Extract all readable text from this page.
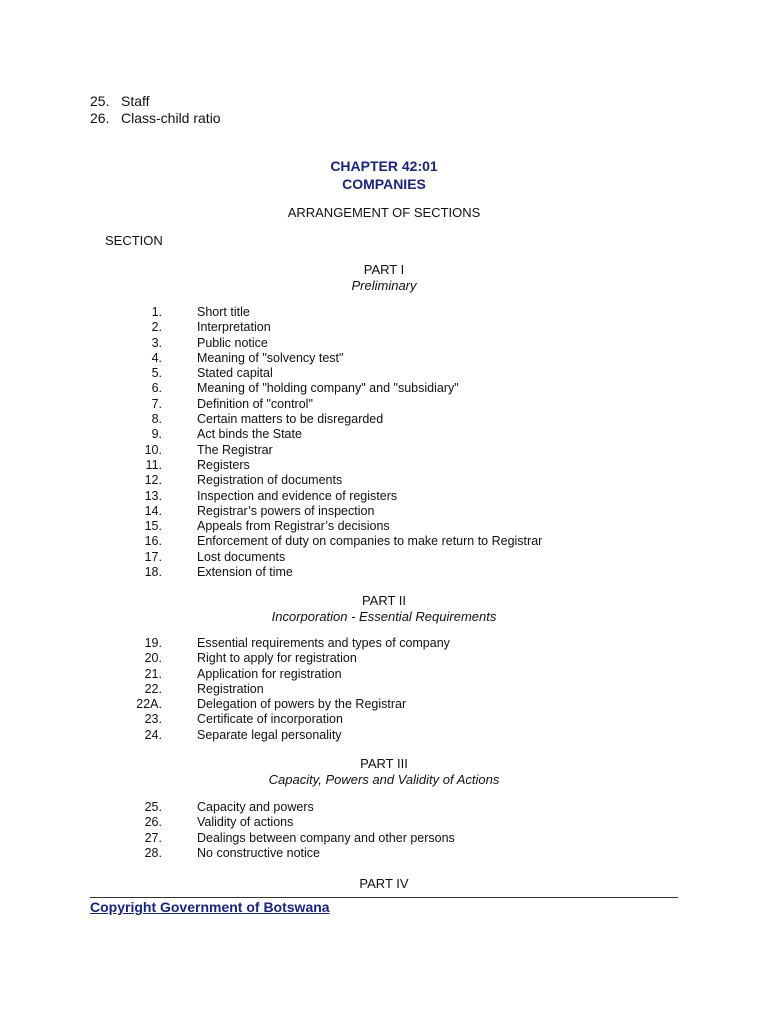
25. Staff
26. Class-child ratio
CHAPTER 42:01
COMPANIES
ARRANGEMENT OF SECTIONS
SECTION
PART I
Preliminary
1.	Short title
2.	Interpretation
3.	Public notice
4.	Meaning of "solvency test"
5.	Stated capital
6.	Meaning of "holding company" and "subsidiary"
7.	Definition of "control"
8.	Certain matters to be disregarded
9.	Act binds the State
10.	The Registrar
11.	Registers
12.	Registration of documents
13.	Inspection and evidence of registers
14.	Registrar’s powers of inspection
15.	Appeals from Registrar’s decisions
16.	Enforcement of duty on companies to make return to Registrar
17.	Lost documents
18.	Extension of time
PART II
Incorporation - Essential Requirements
19.	Essential requirements and types of company
20.	Right to apply for registration
21.	Application for registration
22.	Registration
22A.	Delegation of powers by the Registrar
23.	Certificate of incorporation
24.	Separate legal personality
PART III
Capacity, Powers and Validity of Actions
25.	Capacity and powers
26.	Validity of actions
27.	Dealings between company and other persons
28.	No constructive notice
PART IV
Copyright Government of Botswana
